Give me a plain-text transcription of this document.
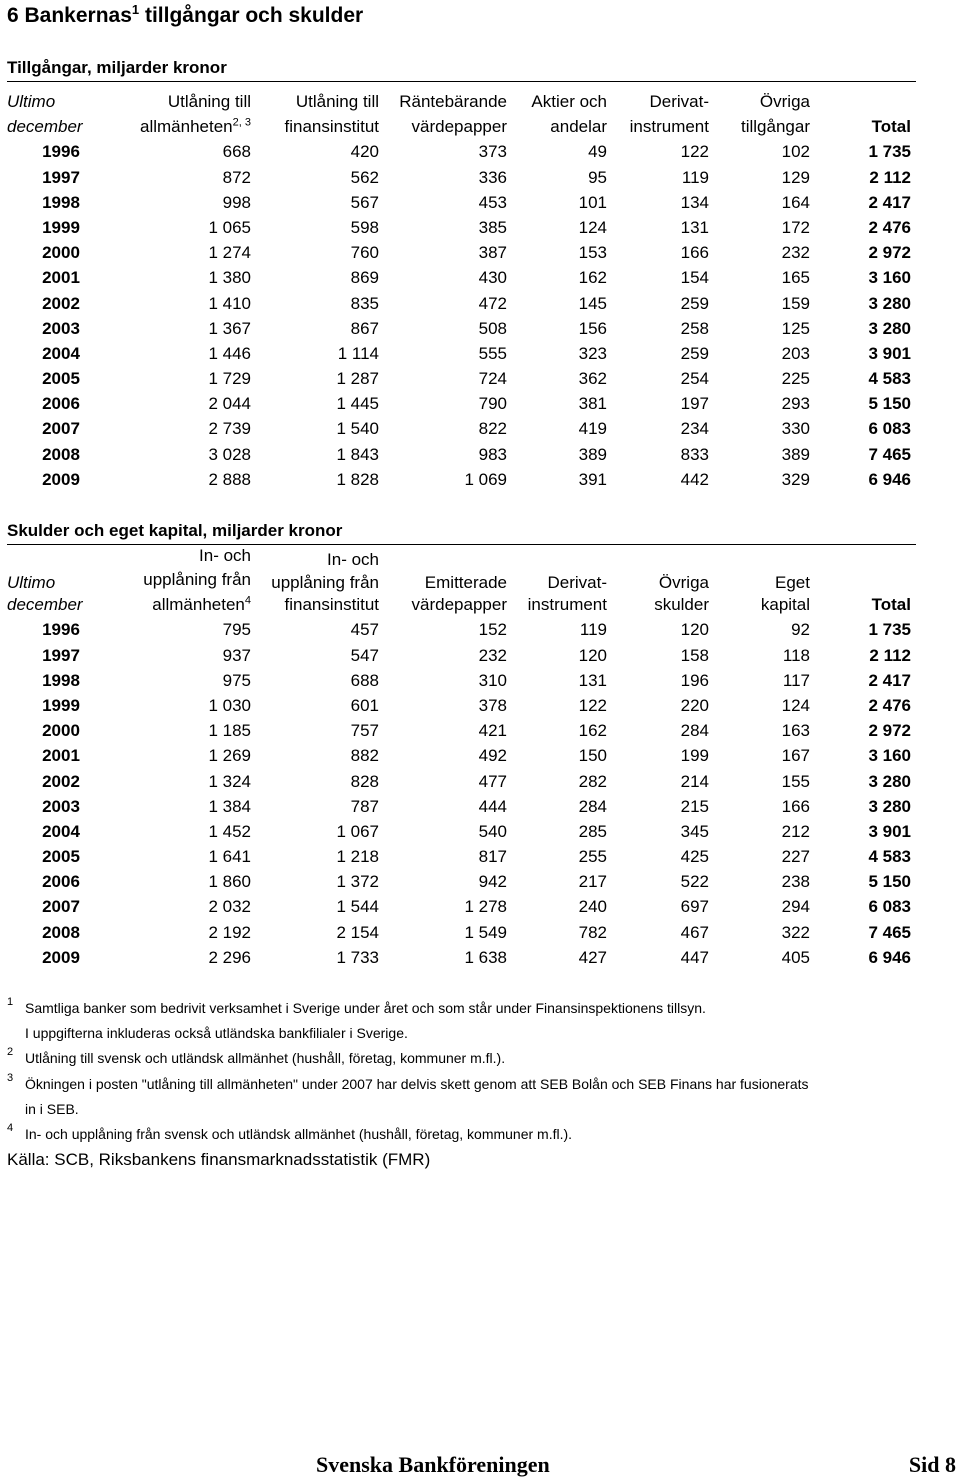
6 Bankernas$^1$ tillgångar och skulder
Tillgångar, miljarder kronor
Ultimo	Utlåning till	Utlåning till	Räntebärande	Aktier och	Derivat-	Övriga
december	allmänheten$^{2, 3}$	finansinstitut	värdepapper	andelar	instrument	tillgångar	Total
1996	668	420	373	49	122	102	1 735
1997	872	562	336	95	119	129	2 112
1998	998	567	453	101	134	164	2 417
1999	1 065	598	385	124	131	172	2 476
2000	1 274	760	387	153	166	232	2 972
2001	1 380	869	430	162	154	165	3 160
2002	1 410	835	472	145	259	159	3 280
2003	1 367	867	508	156	258	125	3 280
2004	1 446	1 114	555	323	259	203	3 901
2005	1 729	1 287	724	362	254	225	4 583
2006	2 044	1 445	790	381	197	293	5 150
2007	2 739	1 540	822	419	234	330	6 083
2008	3 028	1 843	983	389	833	389	7 465
2009	2 888	1 828	1 069	391	442	329	6 946
Skulder och eget kapital, miljarder kronor
In- och	In- och
Ultimo	upplåning från	upplåning från	Emitterade	Derivat-	Övriga	Eget
december	allmänheten$^4$	finansinstitut	värdepapper	instrument	skulder	kapital	Total
1996	795	457	152	119	120	92	1 735
1997	937	547	232	120	158	118	2 112
1998	975	688	310	131	196	117	2 417
1999	1 030	601	378	122	220	124	2 476
2000	1 185	757	421	162	284	163	2 972
2001	1 269	882	492	150	199	167	3 160
2002	1 324	828	477	282	214	155	3 280
2003	1 384	787	444	284	215	166	3 280
2004	1 452	1 067	540	285	345	212	3 901
2005	1 641	1 218	817	255	425	227	4 583
2006	1 860	1 372	942	217	522	238	5 150
2007	2 032	1 544	1 278	240	697	294	6 083
2008	2 192	2 154	1 549	782	467	322	7 465
2009	2 296	1 733	1 638	427	447	405	6 946
1 Samtliga banker som bedrivit verksamhet i Sverige under året och som står under Finansinspektionens tillsyn.
I uppgifterna inkluderas också utländska bankfilialer i Sverige.
2 Utlåning till svensk och utländsk allmänhet (hushåll, företag, kommuner m.fl.).
3 Ökningen i posten "utlåning till allmänheten" under 2007 har delvis skett genom att SEB Bolån och SEB Finans har fusionerats
in i SEB.
4 In- och upplåning från svensk och utländsk allmänhet (hushåll, företag, kommuner m.fl.).
Källa: SCB, Riksbankens finansmarknadsstatistik (FMR)
Svenska Bankföreningen	Sid 8
